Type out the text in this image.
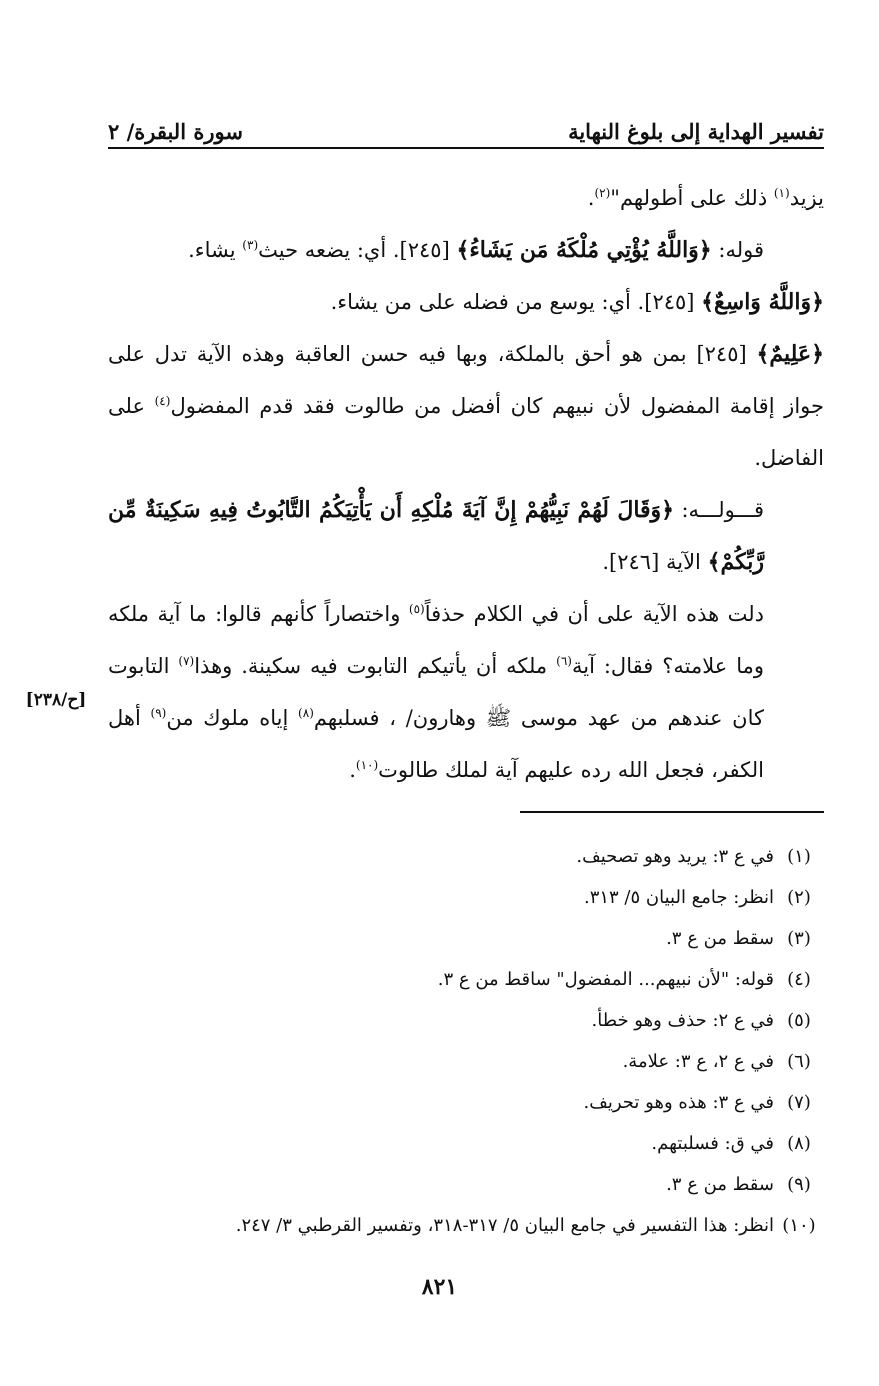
سورة البقرة/ ٢	تفسير الهداية إلى بلوغ النهاية

يزيد$^{(١)}$ ذلك على أطولهم"$^{(٢)}$.

قوله: ﴿وَاللَّهُ يُؤْتِي مُلْكَهُ مَن يَشَاءُ﴾ [٢٤٥]. أي: يضعه حيث$^{(٣)}$ يشاء.

﴿وَاللَّهُ وَاسِعٌ﴾ [٢٤٥]. أي: يوسع من فضله على من يشاء.

﴿عَلِيمٌ﴾ [٢٤٥] بمن هو أحق بالملكة، وبها فيه حسن العاقبة وهذه الآية تدل على جواز إقامة المفضول لأن نبيهم كان أفضل من طالوت فقد قدم المفضول$^{(٤)}$ على الفاضل.

قـــولـــه: ﴿وَقَالَ لَهُمْ نَبِيُّهُمْ إِنَّ آيَةَ مُلْكِهِ أَن يَأْتِيَكُمُ التَّابُوتُ فِيهِ سَكِينَةٌ مِّن رَّبِّكُمْ﴾ الآية [٢٤٦].

دلت هذه الآية على أن في الكلام حذفاً$^{(٥)}$ واختصاراً كأنهم قالوا: ما آية ملكه وما علامته؟ فقال: آية$^{(٦)}$ ملكه أن يأتيكم التابوت فيه سكينة. وهذا$^{(٧)}$ التابوت كان عندهم من عهد موسى ﷺ وهارون/ ، فسلبهم$^{(٨)}$ إياه ملوك من$^{(٩)}$ أهل الكفر، فجعل الله رده عليهم آية لملك طالوت$^{(١٠)}$.

[ح/٢٣٨]
(١)
في ع ٣: يريد وهو تصحيف.
(٢)
انظر: جامع البيان ٥/ ٣١٣.
(٣)
سقط من ع ٣.
(٤)
قوله: "لأن نبيهم... المفضول" ساقط من ع ٣.
(٥)
في ع ٢: حذف وهو خطأ.
(٦)
في ع ٢، ع ٣: علامة.
(٧)
في ع ٣: هذه وهو تحريف.
(٨)
في ق: فسلبتهم.
(٩)
سقط من ع ٣.
(١٠)
انظر: هذا التفسير في جامع البيان ٥/ ٣١٧-٣١٨، وتفسير القرطبي ٣/ ٢٤٧.
٨٢١
